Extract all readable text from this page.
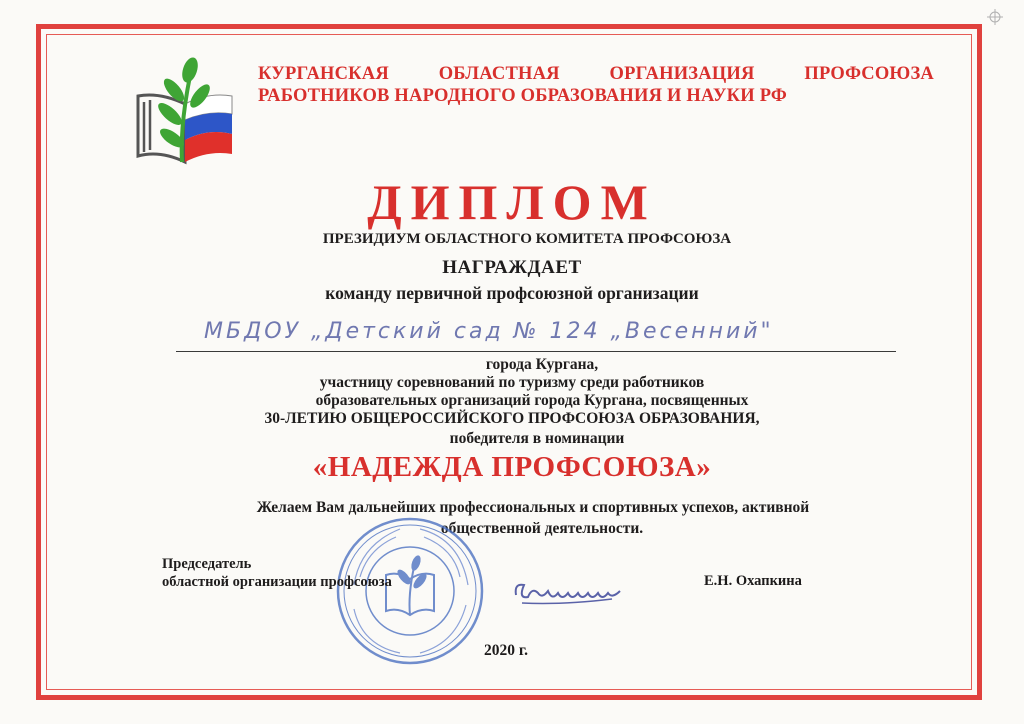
КУРГАНСКАЯ	ОБЛАСТНАЯ	ОРГАНИЗАЦИЯ	ПРОФСОЮЗА
РАБОТНИКОВ НАРОДНОГО ОБРАЗОВАНИЯ И НАУКИ РФ
ДИПЛОМ
ПРЕЗИДИУМ ОБЛАСТНОГО КОМИТЕТА ПРОФСОЮЗА
НАГРАЖДАЕТ
команду первичной профсоюзной организации
МБДОУ „Детский сад № 124 „Весенний"
города Кургана,
участницу соревнований по туризму среди работников
образовательных организаций города Кургана, посвященных
30-ЛЕТИЮ ОБЩЕРОССИЙСКОГО ПРОФСОЮЗА ОБРАЗОВАНИЯ,
победителя в номинации
«НАДЕЖДА ПРОФСОЮЗА»
Желаем Вам дальнейших профессиональных и спортивных успехов, активной
общественной деятельности.
Председатель
областной организации профсоюза	Е.Н. Охапкина
2020 г.
